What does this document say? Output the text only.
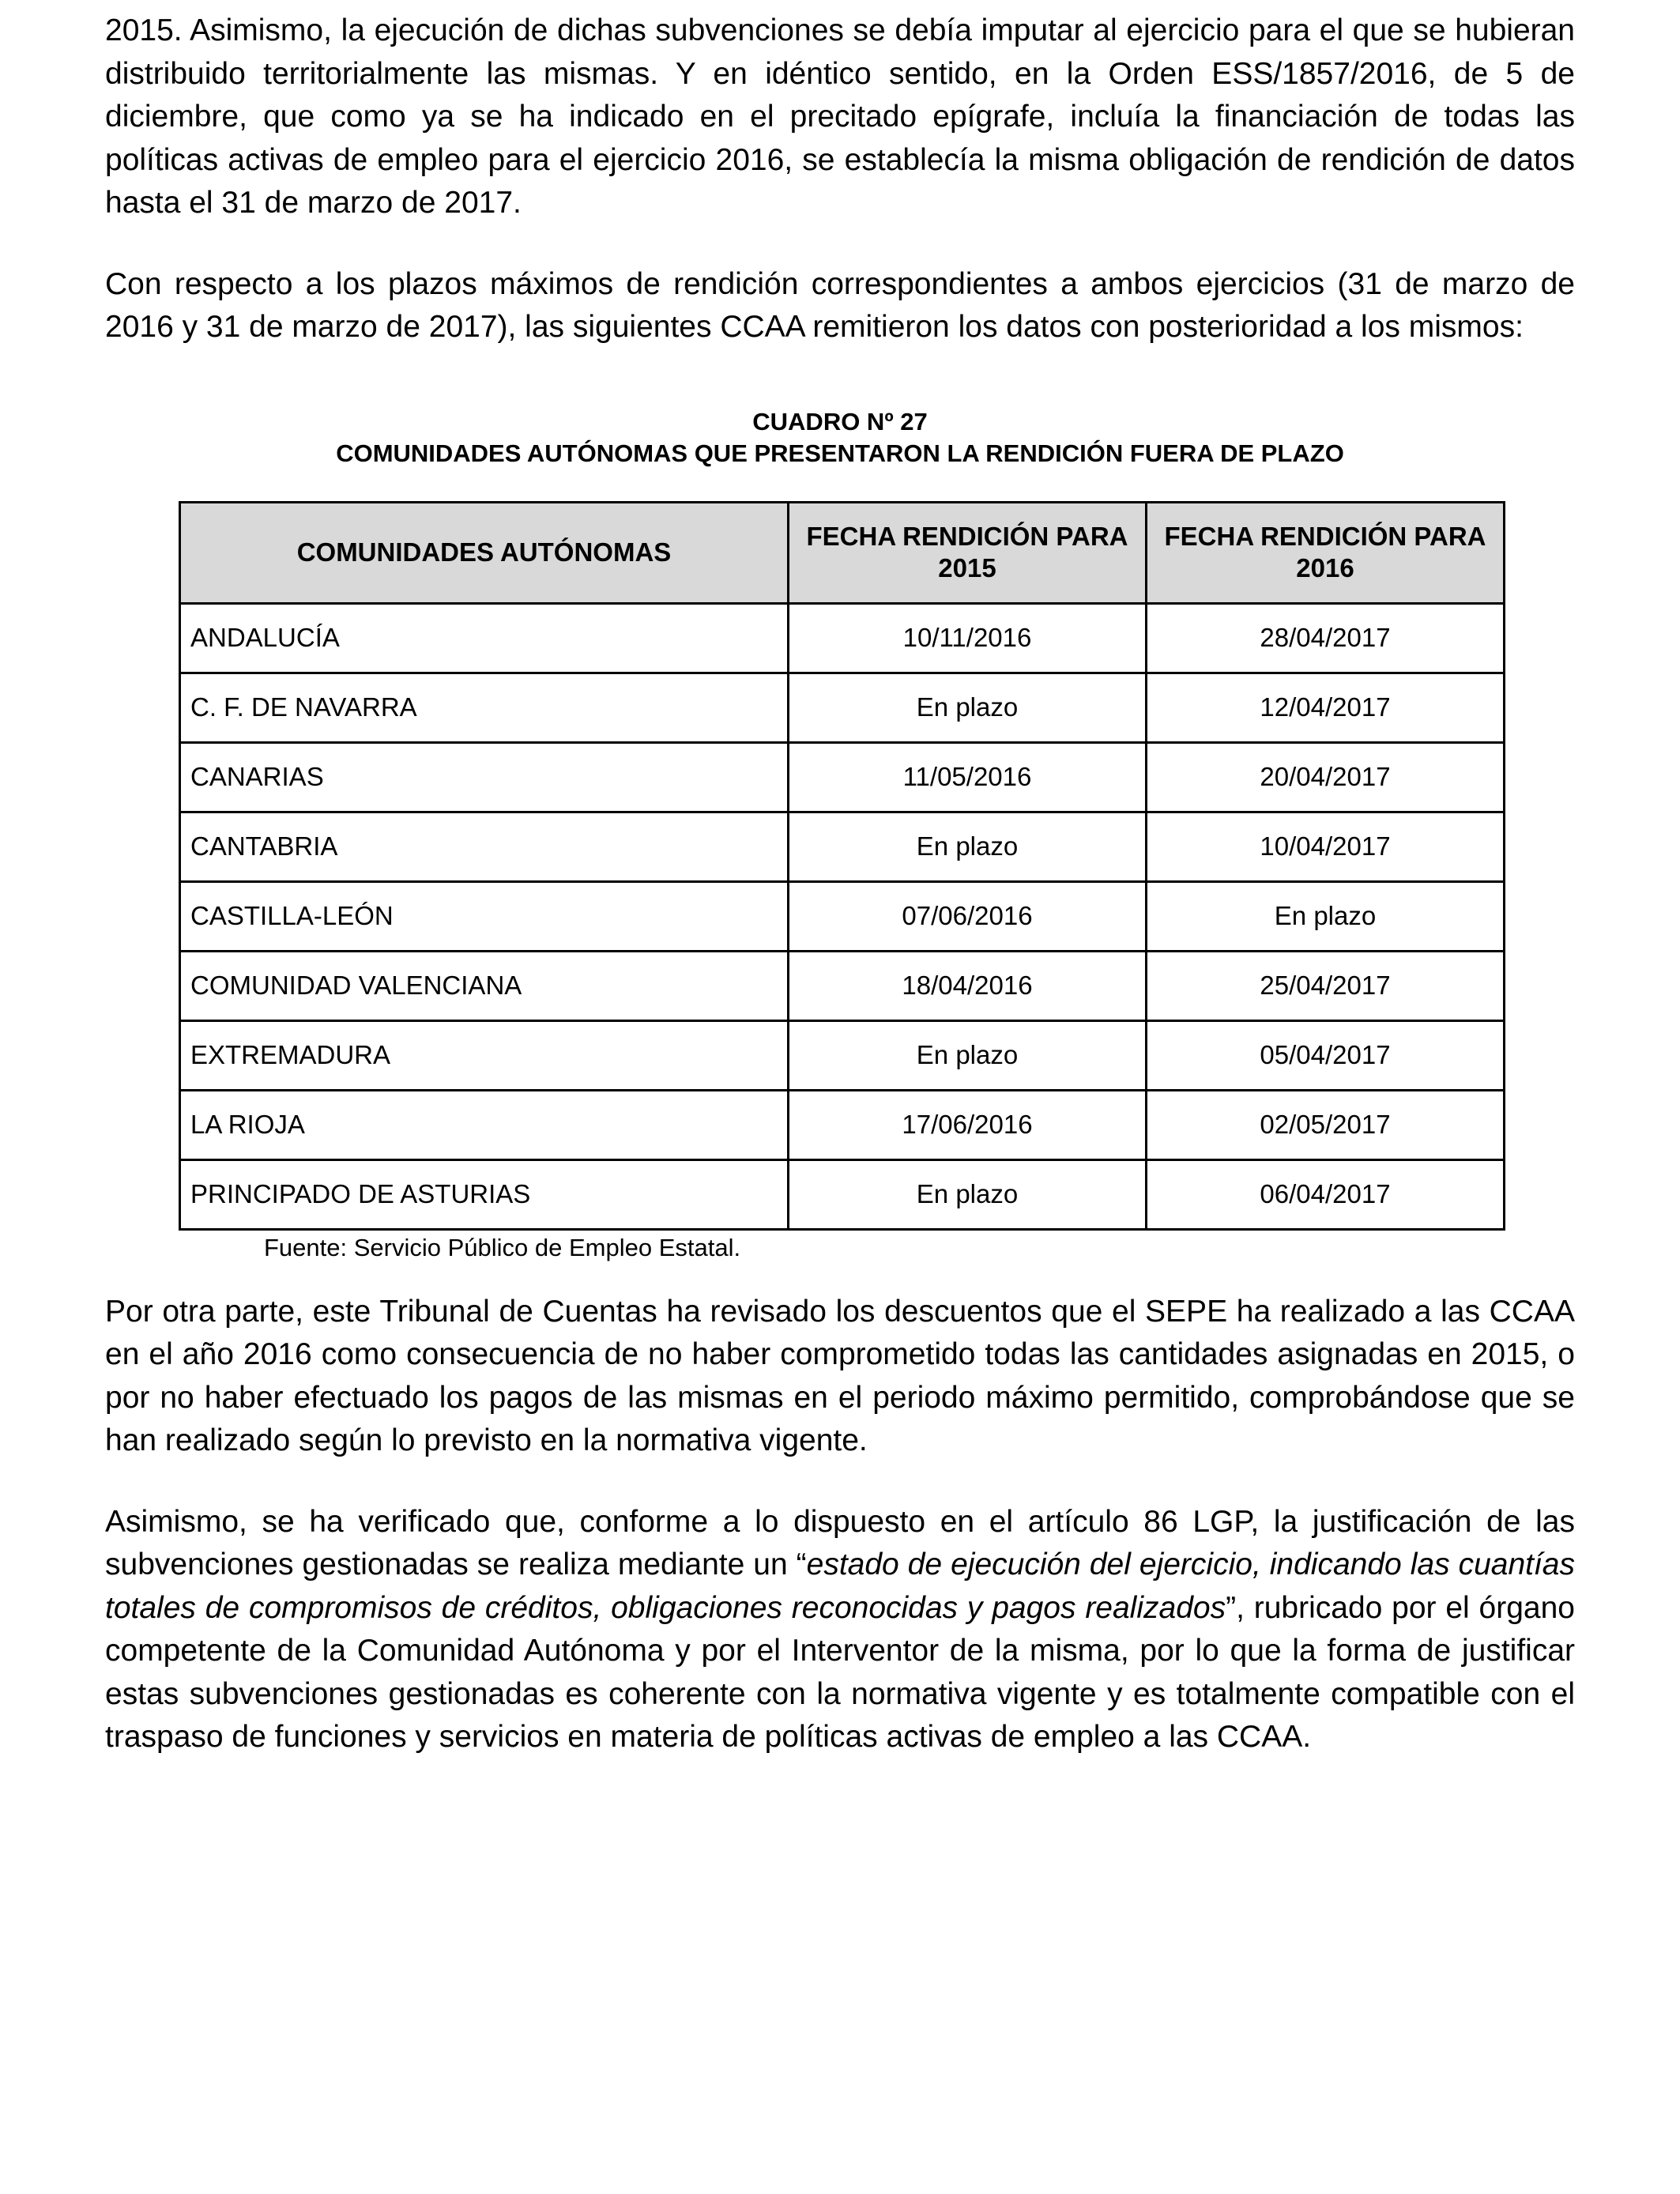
2015. Asimismo, la ejecución de dichas subvenciones se debía imputar al ejercicio para el que se hubieran distribuido territorialmente las mismas. Y en idéntico sentido, en la Orden ESS/1857/2016, de 5 de diciembre, que como ya se ha indicado en el precitado epígrafe, incluía la financiación de todas las políticas activas de empleo para el ejercicio 2016, se establecía la misma obligación de rendición de datos hasta el 31 de marzo de 2017.

Con respecto a los plazos máximos de rendición correspondientes a ambos ejercicios (31 de marzo de 2016 y 31 de marzo de 2017), las siguientes CCAA remitieron los datos con posterioridad a los mismos:

CUADRO Nº 27
COMUNIDADES AUTÓNOMAS QUE PRESENTARON LA RENDICIÓN FUERA DE PLAZO
COMUNIDADES AUTÓNOMAS	FECHA RENDICIÓN PARA 2015	FECHA RENDICIÓN PARA 2016
ANDALUCÍA	10/11/2016	28/04/2017
C. F. DE NAVARRA	En plazo	12/04/2017
CANARIAS	11/05/2016	20/04/2017
CANTABRIA	En plazo	10/04/2017
CASTILLA-LEÓN	07/06/2016	En plazo
COMUNIDAD VALENCIANA	18/04/2016	25/04/2017
EXTREMADURA	En plazo	05/04/2017
LA RIOJA	17/06/2016	02/05/2017
PRINCIPADO DE ASTURIAS	En plazo	06/04/2017
Fuente: Servicio Público de Empleo Estatal.

Por otra parte, este Tribunal de Cuentas ha revisado los descuentos que el SEPE ha realizado a las CCAA en el año 2016 como consecuencia de no haber comprometido todas las cantidades asignadas en 2015, o por no haber efectuado los pagos de las mismas en el periodo máximo permitido, comprobándose que se han realizado según lo previsto en la normativa vigente.

Asimismo, se ha verificado que, conforme a lo dispuesto en el artículo 86 LGP, la justificación de las subvenciones gestionadas se realiza mediante un “estado de ejecución del ejercicio, indicando las cuantías totales de compromisos de créditos, obligaciones reconocidas y pagos realizados”, rubricado por el órgano competente de la Comunidad Autónoma y por el Interventor de la misma, por lo que la forma de justificar estas subvenciones gestionadas es coherente con la normativa vigente y es totalmente compatible con el traspaso de funciones y servicios en materia de políticas activas de empleo a las CCAA.
